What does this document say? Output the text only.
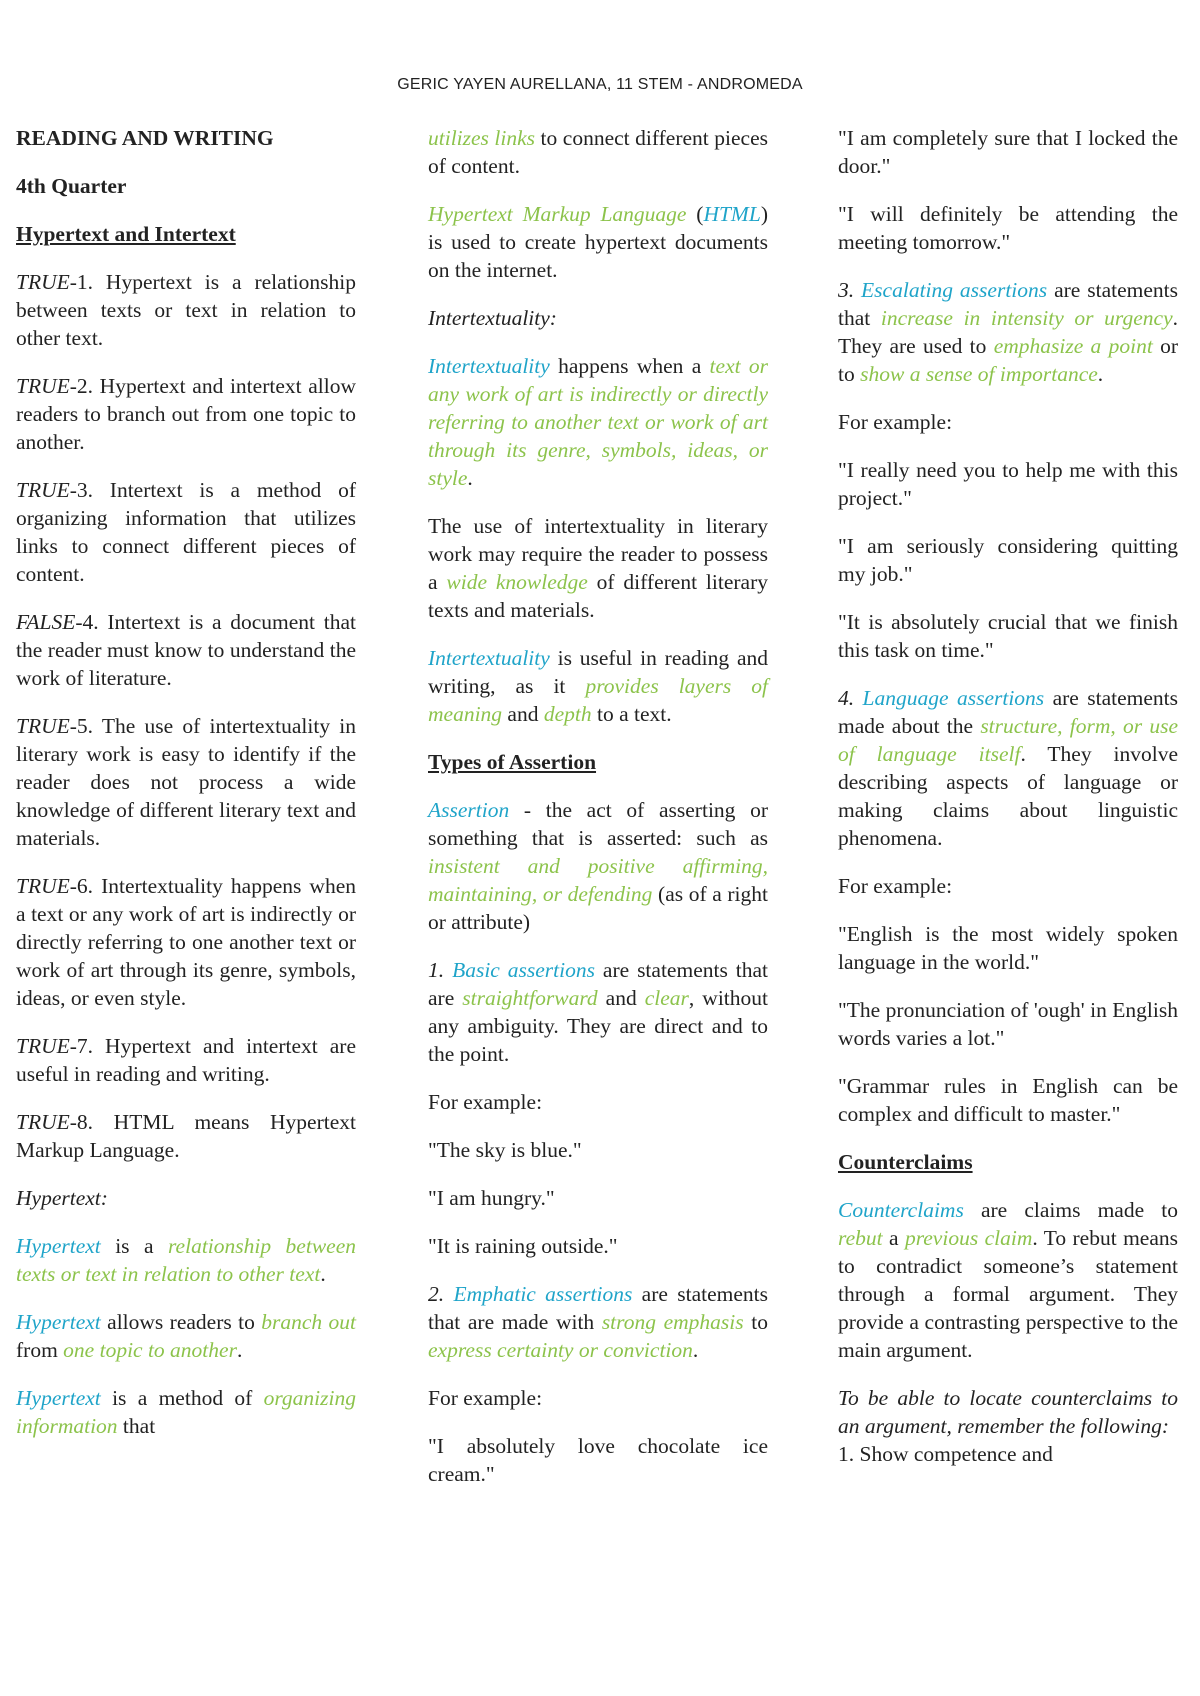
GERIC YAYEN AURELLANA, 11 STEM - ANDROMEDA

READING AND WRITING

4th Quarter

Hypertext and Intertext

TRUE-1. Hypertext is a relationship between texts or text in relation to other text.

TRUE-2. Hypertext and intertext allow readers to branch out from one topic to another.

TRUE-3. Intertext is a method of organizing information that utilizes links to connect different pieces of content.

FALSE-4. Intertext is a document that the reader must know to understand the work of literature.

TRUE-5. The use of intertextuality in literary work is easy to identify if the reader does not process a wide knowledge of different literary text and materials.

TRUE-6. Intertextuality happens when a text or any work of art is indirectly or directly referring to one another text or work of art through its genre, symbols, ideas, or even style.

TRUE-7. Hypertext and intertext are useful in reading and writing.

TRUE-8. HTML means Hypertext Markup Language.

Hypertext:

Hypertext is a relationship between texts or text in relation to other text.

Hypertext allows readers to branch out from one topic to another.

Hypertext is a method of organizing information that

utilizes links to connect different pieces of content.

Hypertext Markup Language (HTML) is used to create hypertext documents on the internet.

Intertextuality:

Intertextuality happens when a text or any work of art is indirectly or directly referring to another text or work of art through its genre, symbols, ideas, or style.

The use of intertextuality in literary work may require the reader to possess a wide knowledge of different literary texts and materials.

Intertextuality is useful in reading and writing, as it provides layers of meaning and depth to a text.

Types of Assertion

Assertion - the act of asserting or something that is asserted: such as insistent and positive affirming, maintaining, or defending (as of a right or attribute)

1. Basic assertions are statements that are straightforward and clear, without any ambiguity. They are direct and to the point.

For example:

"The sky is blue."

"I am hungry."

"It is raining outside."

2. Emphatic assertions are statements that are made with strong emphasis to express certainty or conviction.

For example:

"I absolutely love chocolate ice cream."

"I am completely sure that I locked the door."

"I will definitely be attending the meeting tomorrow."

3. Escalating assertions are statements that increase in intensity or urgency. They are used to emphasize a point or to show a sense of importance.

For example:

"I really need you to help me with this project."

"I am seriously considering quitting my job."

"It is absolutely crucial that we finish this task on time."

4. Language assertions are statements made about the structure, form, or use of language itself. They involve describing aspects of language or making claims about linguistic phenomena.

For example:

"English is the most widely spoken language in the world."

"The pronunciation of 'ough' in English words varies a lot."

"Grammar rules in English can be complex and difficult to master."

Counterclaims

Counterclaims are claims made to rebut a previous claim. To rebut means to contradict someone’s statement through a formal argument. They provide a contrasting perspective to the main argument.

To be able to locate counterclaims to an argument, remember the following:

1. Show competence and
